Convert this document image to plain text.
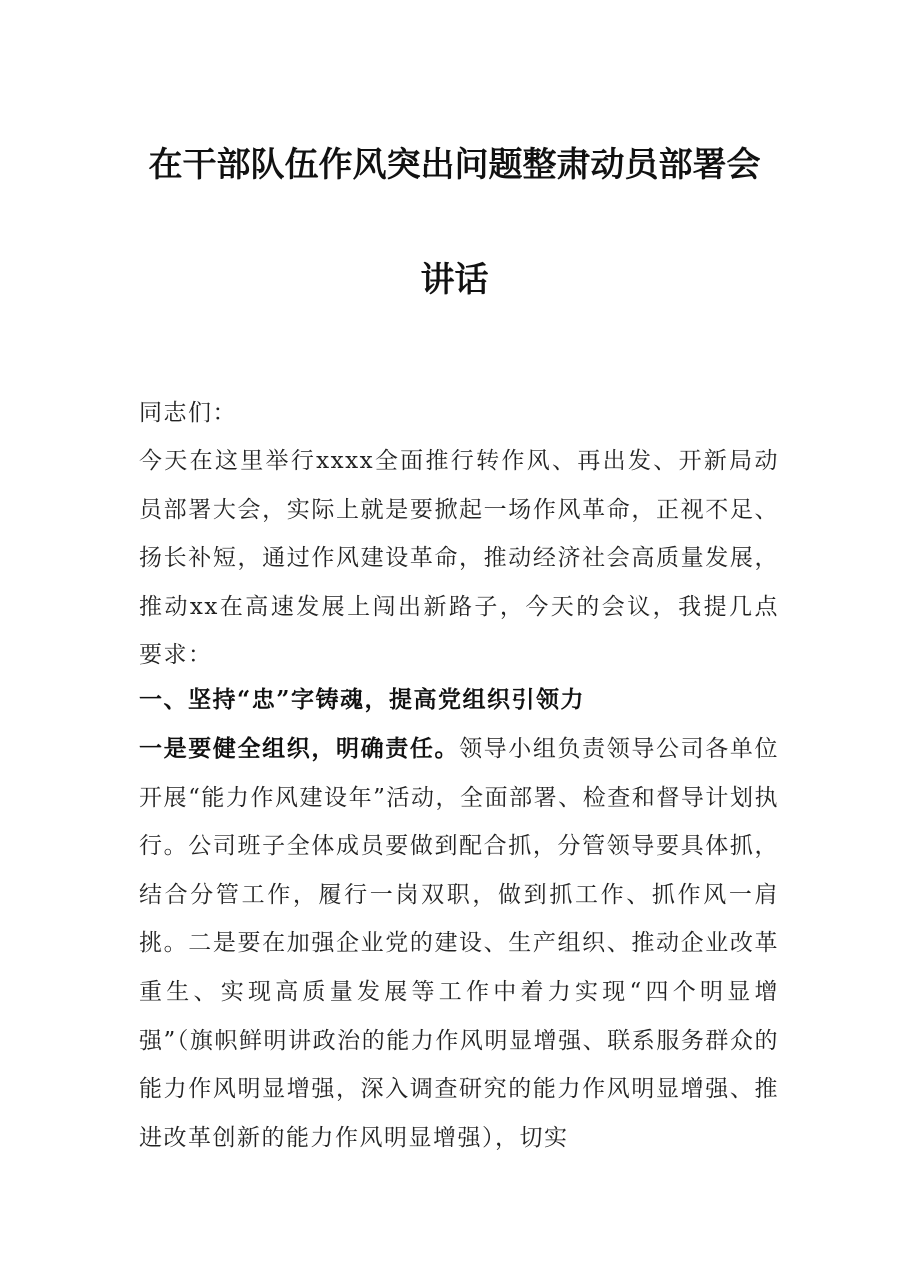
在干部队伍作风突出问题整肃动员部署会
讲话
同志们：
今天在这里举行xxxx全面推行转作风、再出发、开新局动员部署大会，实际上就是要掀起一场作风革命，正视不足、扬长补短，通过作风建设革命，推动经济社会高质量发展，推动xx在高速发展上闯出新路子，今天的会议，我提几点要求：
一、坚持“忠”字铸魂，提高党组织引领力
一是要健全组织，明确责任。领导小组负责领导公司各单位开展“能力作风建设年”活动，全面部署、检查和督导计划执行。公司班子全体成员要做到配合抓，分管领导要具体抓，结合分管工作，履行一岗双职，做到抓工作、抓作风一肩挑。二是要在加强企业党的建设、生产组织、推动企业改革重生、实现高质量发展等工作中着力实现“四个明显增强”（旗帜鲜明讲政治的能力作风明显增强、联系服务群众的能力作风明显增强，深入调查研究的能力作风明显增强、推进改革创新的能力作风明显增强），切实
